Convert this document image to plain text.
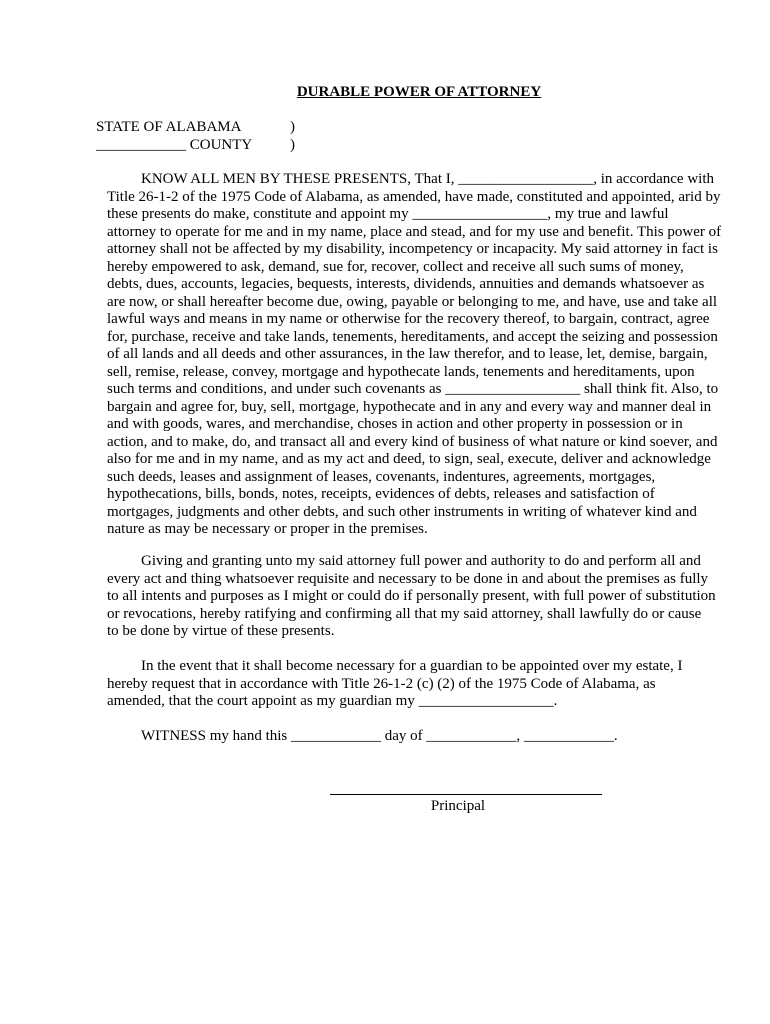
DURABLE POWER OF ATTORNEY
STATE OF ALABAMA	)
____________ COUNTY	)
KNOW ALL MEN BY THESE PRESENTS, That I, __________________, in accordance with
Title 26-1-2 of the 1975 Code of Alabama, as amended, have made, constituted and appointed, arid by
these presents do make, constitute and appoint my __________________, my true and lawful
attorney to operate for me and in my name, place and stead, and for my use and benefit. This power of
attorney shall not be affected by my disability, incompetency or incapacity. My said attorney in fact is
hereby empowered to ask, demand, sue for, recover, collect and receive all such sums of money,
debts, dues, accounts, legacies, bequests, interests, dividends, annuities and demands whatsoever as
are now, or shall hereafter become due, owing, payable or belonging to me, and have, use and take all
lawful ways and means in my name or otherwise for the recovery thereof, to bargain, contract, agree
for, purchase, receive and take lands, tenements, hereditaments, and accept the seizing and possession
of all lands and all deeds and other assurances, in the law therefor, and to lease, let, demise, bargain,
sell, remise, release, convey, mortgage and hypothecate lands, tenements and hereditaments, upon
such terms and conditions, and under such covenants as __________________ shall think fit. Also, to
bargain and agree for, buy, sell, mortgage, hypothecate and in any and every way and manner deal in
and with goods, wares, and merchandise, choses in action and other property in possession or in
action, and to make, do, and transact all and every kind of business of what nature or kind soever, and
also for me and in my name, and as my act and deed, to sign, seal, execute, deliver and acknowledge
such deeds, leases and assignment of leases, covenants, indentures, agreements, mortgages,
hypothecations, bills, bonds, notes, receipts, evidences of debts, releases and satisfaction of
mortgages, judgments and other debts, and such other instruments in writing of whatever kind and
nature as may be necessary or proper in the premises.
Giving and granting unto my said attorney full power and authority to do and perform all and
every act and thing whatsoever requisite and necessary to be done in and about the premises as fully
to all intents and purposes as I might or could do if personally present, with full power of substitution
or revocations, hereby ratifying and confirming all that my said attorney, shall lawfully do or cause
to be done by virtue of these presents.
In the event that it shall become necessary for a guardian to be appointed over my estate, I
hereby request that in accordance with Title 26-1-2 (c) (2) of the 1975 Code of Alabama, as
amended, that the court appoint as my guardian my __________________.
WITNESS my hand this ____________ day of ____________, ____________.
Principal
